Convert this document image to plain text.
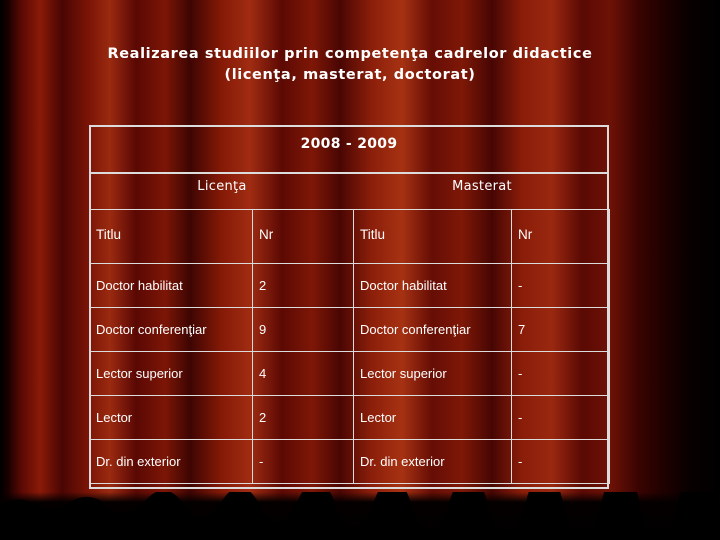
Realizarea studiilor prin competenţa cadrelor didactice
(licenţa, masterat, doctorat)
2008 - 2009
Licenţa	Masterat
Titlu	Nr	Titlu	Nr
Doctor habilitat	2	Doctor habilitat	-
Doctor conferenţiar	9	Doctor conferenţiar	7
Lector superior	4	Lector superior	-
Lector	2	Lector	-
Dr. din exterior	-	Dr. din exterior	-
